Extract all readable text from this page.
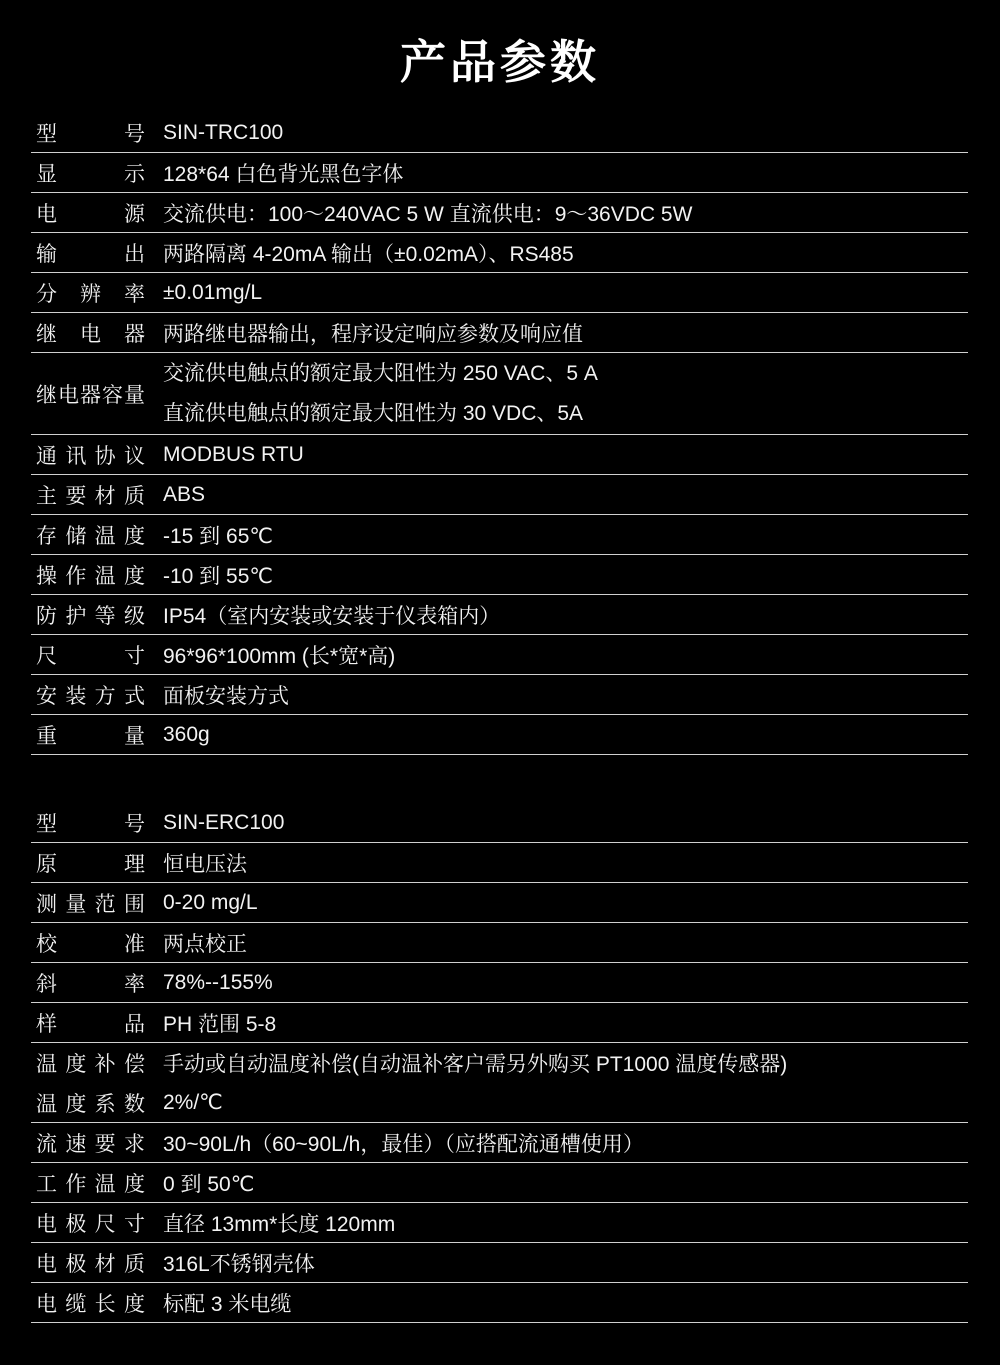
产品参数
型号 SIN-TRC100
显示 128*64 白色背光黑色字体
电源 交流供电：100～240VAC 5 W 直流供电：9～36VDC 5W
输出 两路隔离 4-20mA 输出（±0.02mA）、RS485
分辨率 ±0.01mg/L
继电器 两路继电器输出，程序设定响应参数及响应值
继电器容量
交流供电触点的额定最大阻性为 250 VAC、5 A
直流供电触点的额定最大阻性为 30 VDC、5A
通讯协议 MODBUS RTU
主要材质 ABS
存储温度 -15 到 65℃
操作温度 -10 到 55℃
防护等级 IP54（室内安装或安装于仪表箱内）
尺寸 96*96*100mm (长*宽*高)
安装方式 面板安装方式
重量 360g
型号 SIN-ERC100
原理 恒电压法
测量范围 0-20 mg/L
校准 两点校正
斜率 78%--155%
样品 PH 范围 5-8
温度补偿 手动或自动温度补偿(自动温补客户需另外购买 PT1000 温度传感器)
温度系数 2%/℃
流速要求 30~90L/h（60~90L/h，最佳）（应搭配流通槽使用）
工作温度 0 到 50℃
电极尺寸 直径 13mm*长度 120mm
电极材质 316L不锈钢壳体
电缆长度 标配 3 米电缆
